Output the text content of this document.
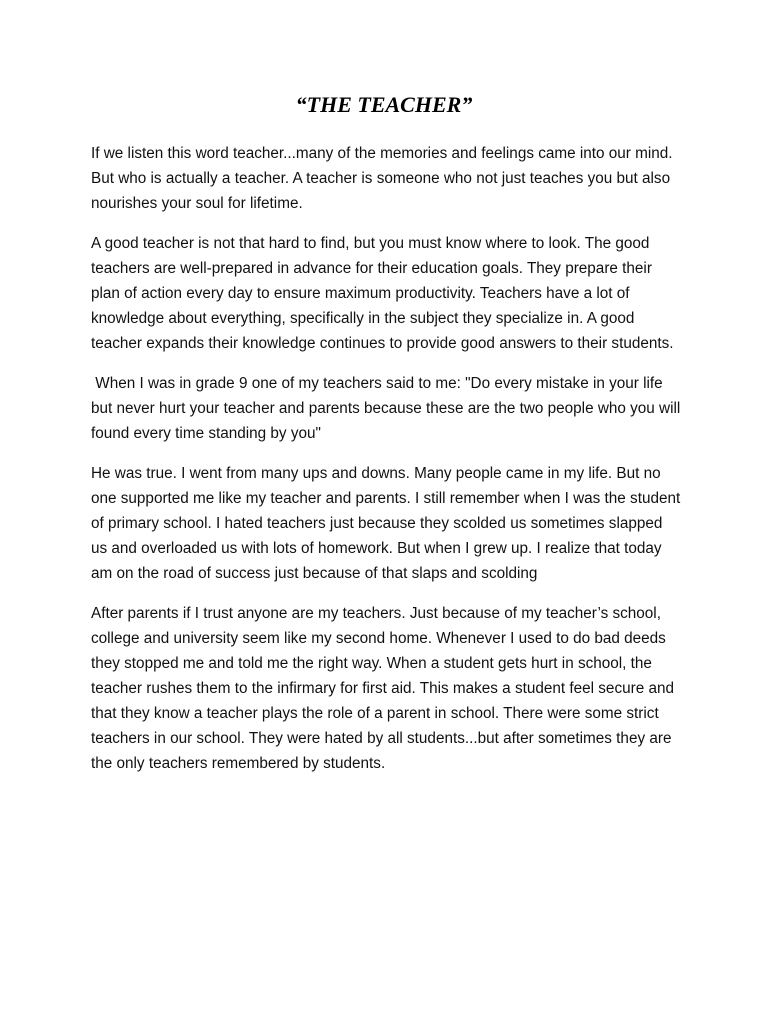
“THE TEACHER”

If we listen this word teacher...many of the memories and feelings came into our mind. But who is actually a teacher. A teacher is someone who not just teaches you but also nourishes your soul for lifetime.

A good teacher is not that hard to find, but you must know where to look. The good teachers are well-prepared in advance for their education goals. They prepare their plan of action every day to ensure maximum productivity. Teachers have a lot of knowledge about everything, specifically in the subject they specialize in. A good teacher expands their knowledge continues to provide good answers to their students.

When I was in grade 9 one of my teachers said to me: "Do every mistake in your life but never hurt your teacher and parents because these are the two people who you will found every time standing by you"

He was true. I went from many ups and downs. Many people came in my life. But no one supported me like my teacher and parents. I still remember when I was the student of primary school. I hated teachers just because they scolded us sometimes slapped us and overloaded us with lots of homework. But when I grew up. I realize that today am on the road of success just because of that slaps and scolding

After parents if I trust anyone are my teachers. Just because of my teacher’s school, college and university seem like my second home. Whenever I used to do bad deeds they stopped me and told me the right way. When a student gets hurt in school, the teacher rushes them to the infirmary for first aid. This makes a student feel secure and that they know a teacher plays the role of a parent in school. There were some strict teachers in our school. They were hated by all students...but after sometimes they are the only teachers remembered by students.
